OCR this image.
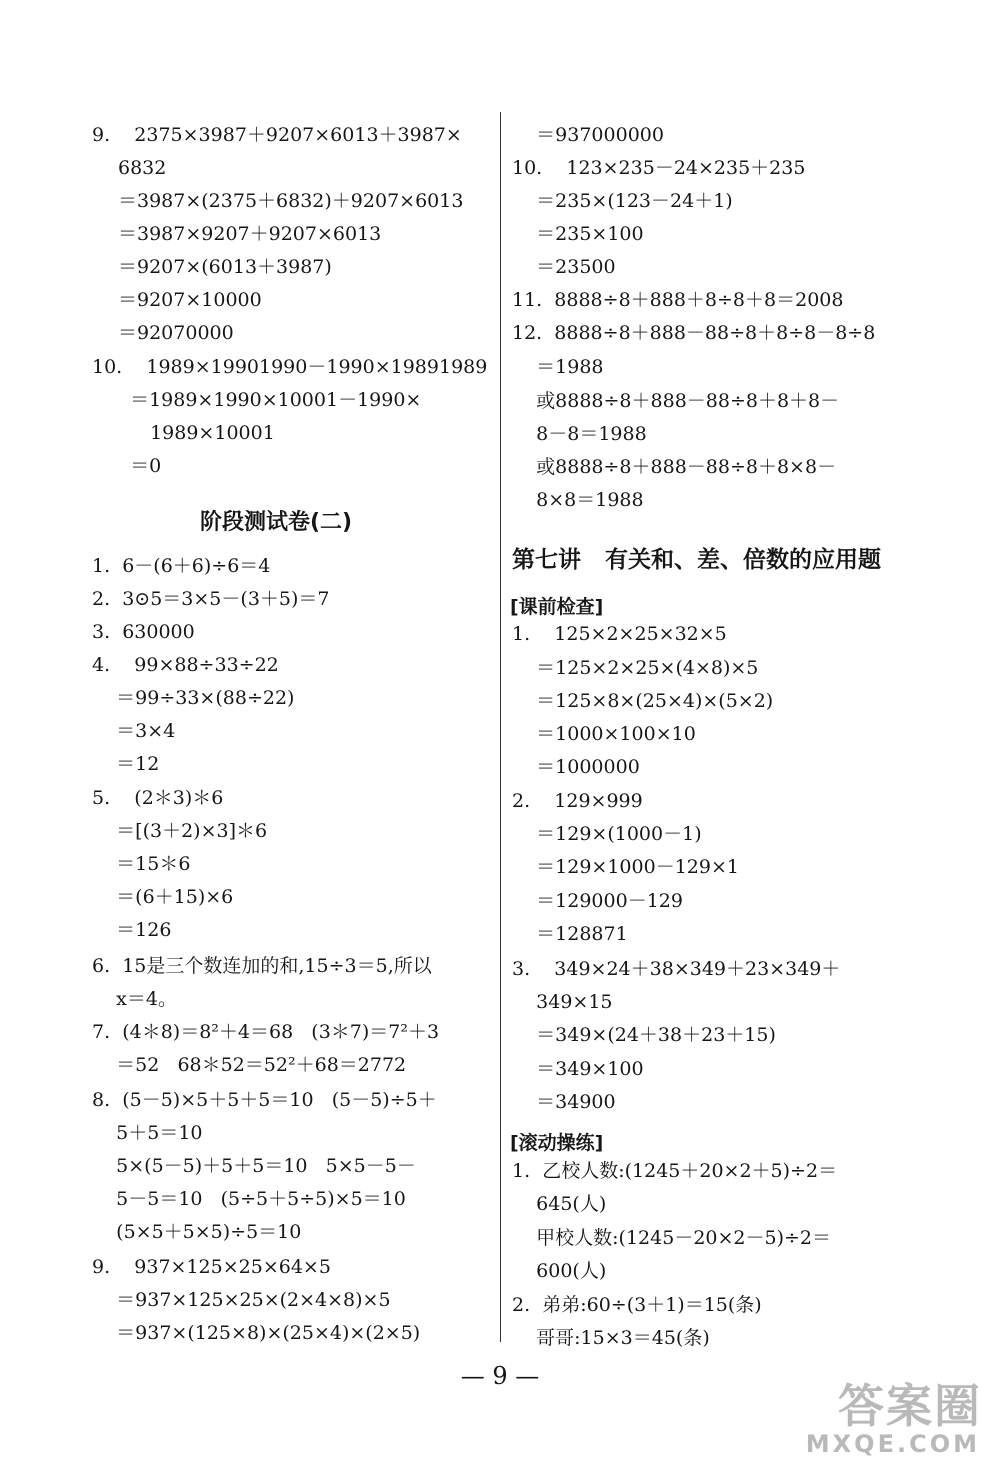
9.    2375×3987＋9207×6013＋3987×
6832
＝3987×(2375＋6832)＋9207×6013
＝3987×9207＋9207×6013
＝9207×(6013＋3987)
＝9207×10000
＝92070000
10.    1989×19901990－1990×19891989
＝1989×1990×10001－1990×
1989×10001
＝0
阶段测试卷(二)
1.  6－(6＋6)÷6＝4
2.  3⊙5＝3×5－(3＋5)＝7
3.  630000
4.    99×88÷33÷22
＝99÷33×(88÷22)
＝3×4
＝12
5.    (2＊3)＊6
＝[(3＋2)×3]＊6
＝15＊6
＝(6＋15)×6
＝126
6.  15是三个数连加的和,15÷3＝5,所以
x＝4。
7.  (4＊8)＝8²＋4＝68   (3＊7)＝7²＋3
＝52   68＊52＝52²＋68＝2772
8.  (5－5)×5＋5＋5＝10   (5－5)÷5＋
5＋5＝10
5×(5－5)＋5＋5＝10   5×5－5－
5－5＝10   (5÷5＋5÷5)×5＝10
(5×5＋5×5)÷5＝10
9.    937×125×25×64×5
＝937×125×25×(2×4×8)×5
＝937×(125×8)×(25×4)×(2×5)
＝937000000
10.    123×235－24×235＋235
＝235×(123－24＋1)
＝235×100
＝23500
11.  8888÷8＋888＋8÷8＋8＝2008
12.  8888÷8＋888－88÷8＋8÷8－8÷8
＝1988
或8888÷8＋888－88÷8＋8＋8－
8－8＝1988
或8888÷8＋888－88÷8＋8×8－
8×8＝1988
第七讲   有关和、差、倍数的应用题
[课前检查]
1.    125×2×25×32×5
＝125×2×25×(4×8)×5
＝125×8×(25×4)×(5×2)
＝1000×100×10
＝1000000
2.    129×999
＝129×(1000－1)
＝129×1000－129×1
＝129000－129
＝128871
3.    349×24＋38×349＋23×349＋
349×15
＝349×(24＋38＋23＋15)
＝349×100
＝34900
[滚动操练]
1.  乙校人数:(1245＋20×2＋5)÷2＝
645(人)
甲校人数:(1245－20×2－5)÷2＝
600(人)
2.  弟弟:60÷(3＋1)＝15(条)
哥哥:15×3＝45(条)
— 9 —
答案圈
MXQE.COM
